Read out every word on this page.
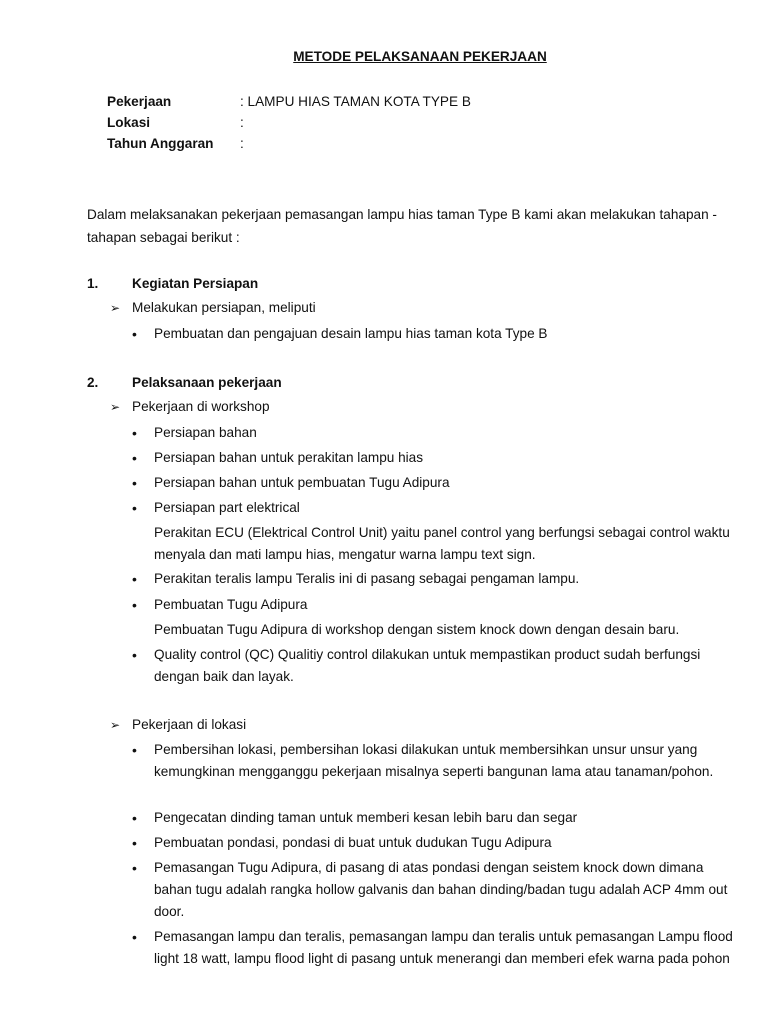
METODE PELAKSANAAN PEKERJAAN
Pekerjaan	: LAMPU HIAS TAMAN KOTA TYPE B
Lokasi	:
Tahun Anggaran	:
Dalam melaksanakan pekerjaan pemasangan lampu hias taman Type B kami akan melakukan tahapan - tahapan sebagai berikut :
1. Kegiatan Persiapan
➢ Melakukan persiapan, meliputi
• Pembuatan dan pengajuan desain lampu hias taman kota Type B
2. Pelaksanaan pekerjaan
➢ Pekerjaan di workshop
• Persiapan bahan
• Persiapan bahan untuk perakitan lampu hias
• Persiapan bahan untuk pembuatan Tugu Adipura
• Persiapan part elektrical
Perakitan ECU (Elektrical Control Unit) yaitu panel control yang berfungsi sebagai control waktu menyala dan mati lampu hias, mengatur warna lampu text sign.
• Perakitan teralis lampu Teralis ini di pasang sebagai pengaman lampu.
• Pembuatan Tugu Adipura
Pembuatan Tugu Adipura di workshop dengan sistem knock down dengan desain baru.
• Quality control (QC) Qualitiy control dilakukan untuk mempastikan product sudah berfungsi dengan baik dan layak.
➢ Pekerjaan di lokasi
• Pembersihan lokasi, pembersihan lokasi dilakukan untuk membersihkan unsur unsur yang kemungkinan mengganggu pekerjaan misalnya seperti bangunan lama atau tanaman/pohon.
• Pengecatan dinding taman untuk memberi kesan lebih baru dan segar
• Pembuatan pondasi, pondasi di buat untuk dudukan Tugu Adipura
• Pemasangan Tugu Adipura, di pasang di atas pondasi dengan seistem knock down dimana bahan tugu adalah rangka hollow galvanis dan bahan dinding/badan tugu adalah ACP 4mm out door.
• Pemasangan lampu dan teralis, pemasangan lampu dan teralis untuk pemasangan Lampu flood light 18 watt, lampu flood light di pasang untuk menerangi dan memberi efek warna pada pohon
